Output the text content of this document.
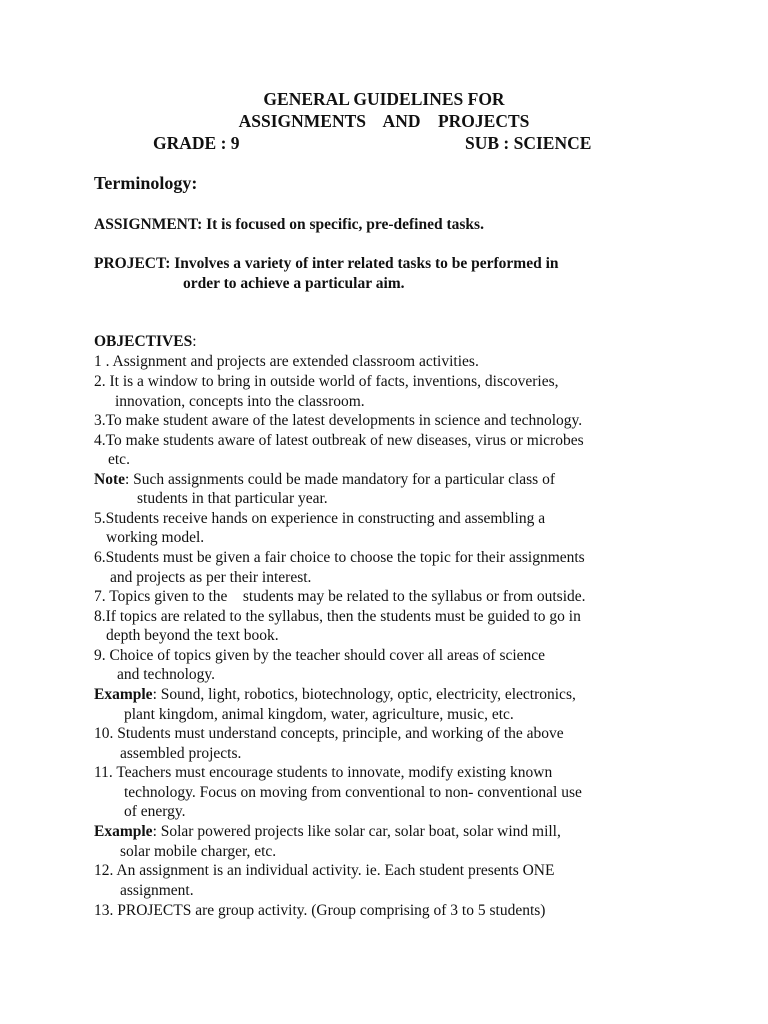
GENERAL GUIDELINES FOR
ASSIGNMENTS    AND    PROJECTS
GRADE : 9	SUB : SCIENCE
Terminology:
ASSIGNMENT: It is focused on specific, pre-defined tasks.
PROJECT: Involves a variety of inter related tasks to be performed in
order to achieve a particular aim.
OBJECTIVES:
1 . Assignment and projects are extended classroom activities.
2. It is a window to bring in outside world of facts, inventions, discoveries,
innovation, concepts into the classroom.
3.To make student aware of the latest developments in science and technology.
4.To make students aware of latest outbreak of new diseases, virus or microbes
etc.
Note: Such assignments could be made mandatory for a particular class of
students in that particular year.
5.Students receive hands on experience in constructing and assembling a
working model.
6.Students must be given a fair choice to choose the topic for their assignments
and projects as per their interest.
7. Topics given to the    students may be related to the syllabus or from outside.
8.If topics are related to the syllabus, then the students must be guided to go in
depth beyond the text book.
9. Choice of topics given by the teacher should cover all areas of science
and technology.
Example: Sound, light, robotics, biotechnology, optic, electricity, electronics,
plant kingdom, animal kingdom, water, agriculture, music, etc.
10. Students must understand concepts, principle, and working of the above
assembled projects.
11. Teachers must encourage students to innovate, modify existing known
technology. Focus on moving from conventional to non- conventional use
of energy.
Example: Solar powered projects like solar car, solar boat, solar wind mill,
solar mobile charger, etc.
12. An assignment is an individual activity. ie. Each student presents ONE
assignment.
13. PROJECTS are group activity. (Group comprising of 3 to 5 students)
